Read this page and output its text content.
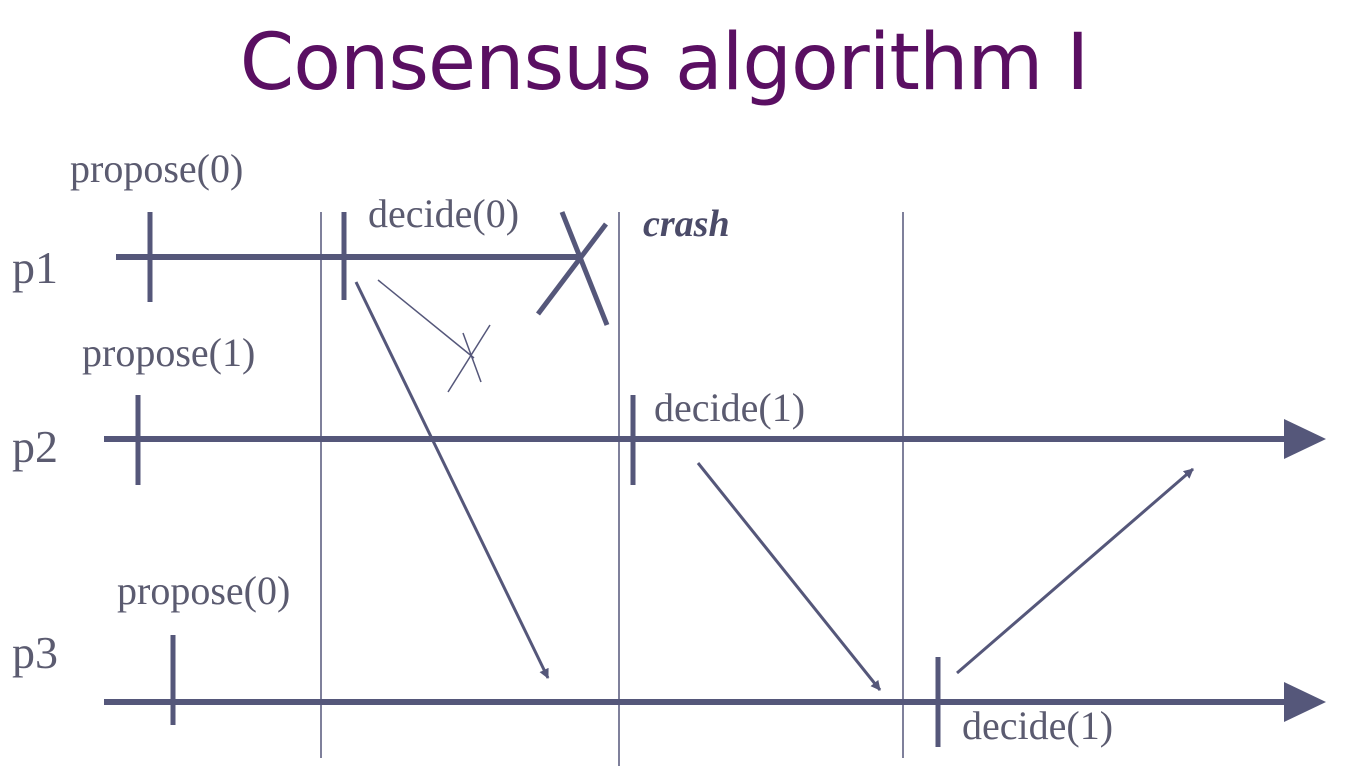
Consensus algorithm I
p1
p2
p3
propose(0)
decide(0)	crash
propose(1)
decide(1)
propose(0)
decide(1)
